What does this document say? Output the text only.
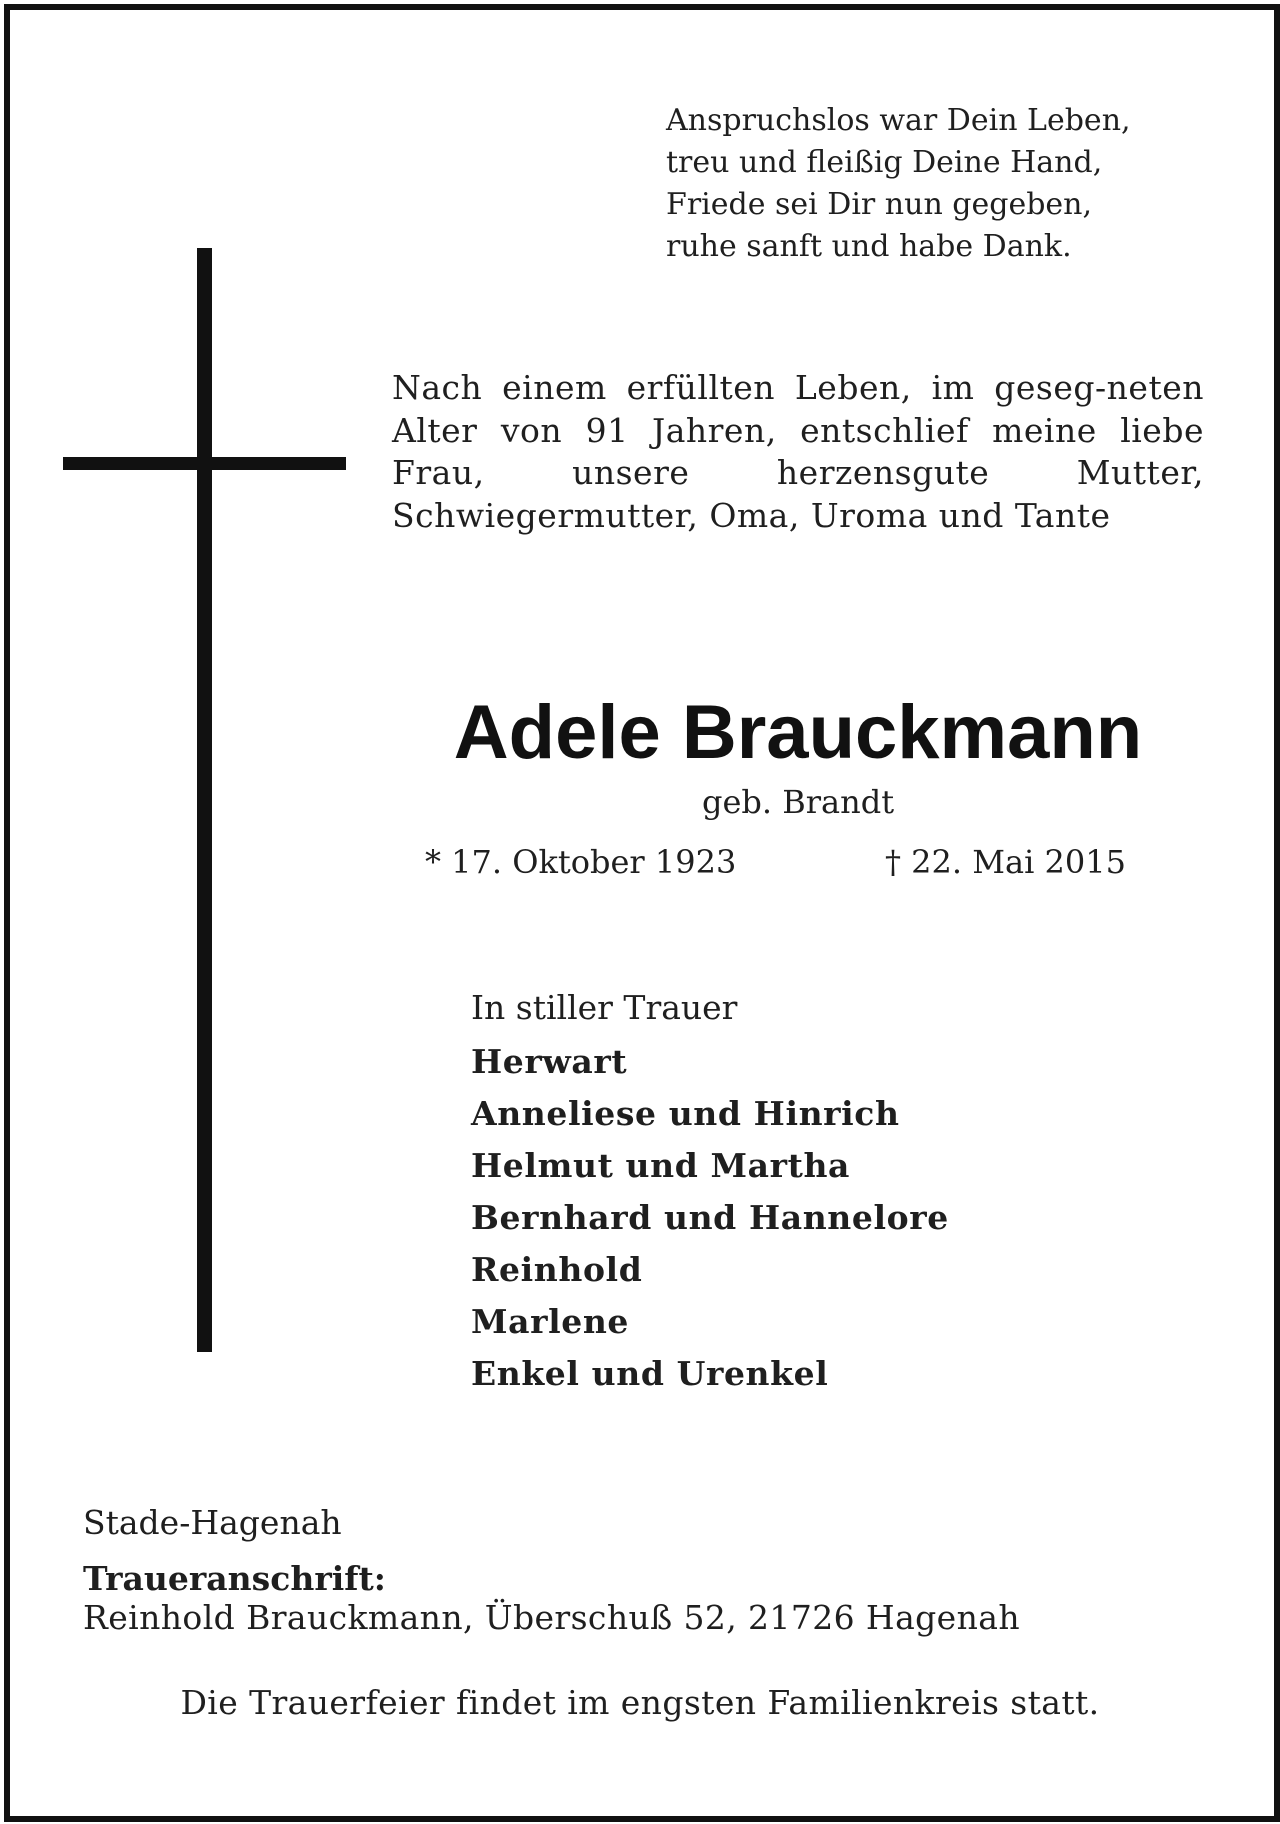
Anspruchslos war Dein Leben,
treu und fleißig Deine Hand,
Friede sei Dir nun gegeben,
ruhe sanft und habe Dank.
Nach einem erfüllten Leben, im geseg-neten Alter von 91 Jahren, entschlief meine liebe Frau, unsere herzensgute Mutter, Schwiegermutter, Oma, Uroma und Tante
Adele Brauckmann
geb. Brandt
* 17. Oktober 1923	† 22. Mai 2015
In stiller Trauer
Herwart
Anneliese und Hinrich
Helmut und Martha
Bernhard und Hannelore
Reinhold
Marlene
Enkel und Urenkel
Stade-Hagenah
Traueranschrift:
Reinhold Brauckmann, Überschuß 52, 21726 Hagenah
Die Trauerfeier findet im engsten Familienkreis statt.
